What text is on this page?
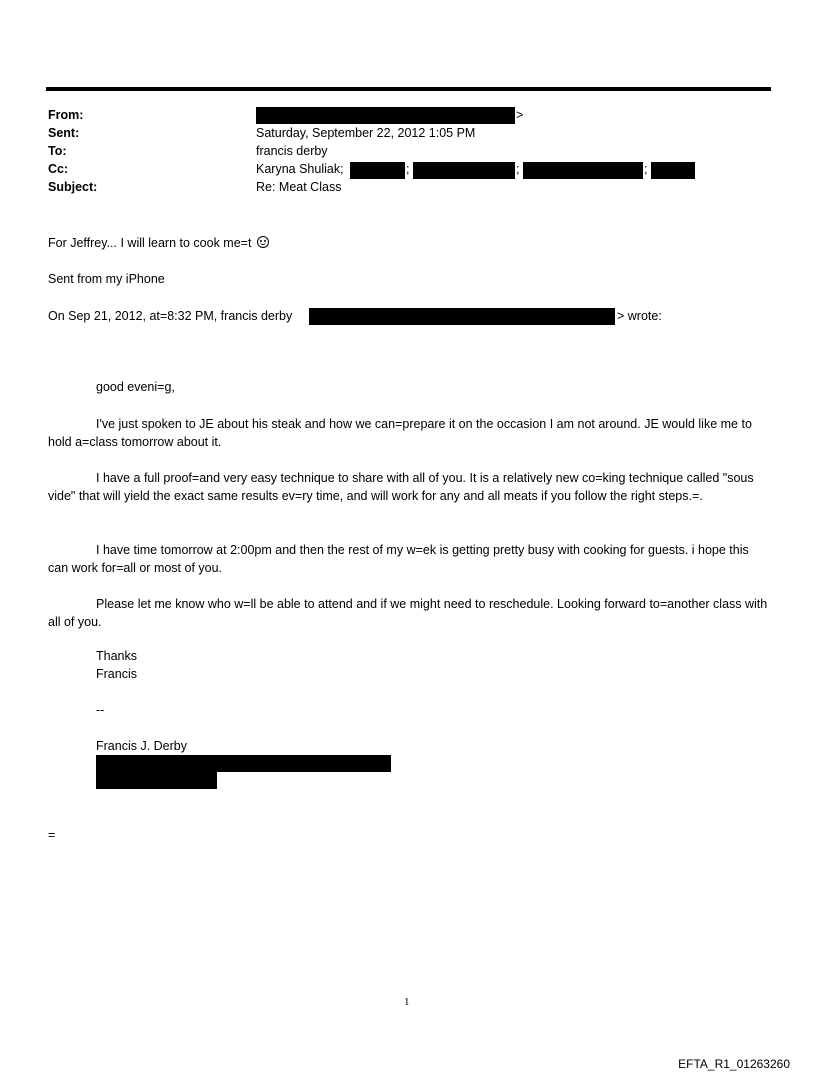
From:	>
Sent:	Saturday, September 22, 2012 1:05 PM
To:	francis derby
Cc:	Karyna Shuliak;	;	;	;
Subject:	Re: Meat Class
For Jeffrey... I will learn to cook me=t
Sent from my iPhone
On Sep 21, 2012, at=8:32 PM, francis derby	> wrote:
good eveni=g,
I've just spoken to JE about his steak and how we can=prepare it on the occasion I am not around. JE would like me to hold a=class tomorrow about it.
I have a full proof=and very easy technique to share with all of you. It is a relatively new co=king technique called "sous vide" that will yield the exact same results ev=ry time, and will work for any and all meats if you follow the right steps.=.
I have time tomorrow at 2:00pm and then the rest of my w=ek is getting pretty busy with cooking for guests. i hope this can work for=all or most of you.
Please let me know who w=ll be able to attend and if we might need to reschedule. Looking forward to=another class with all of you.
Thanks
Francis
--
Francis J. Derby
=
1
EFTA_R1_01263260
